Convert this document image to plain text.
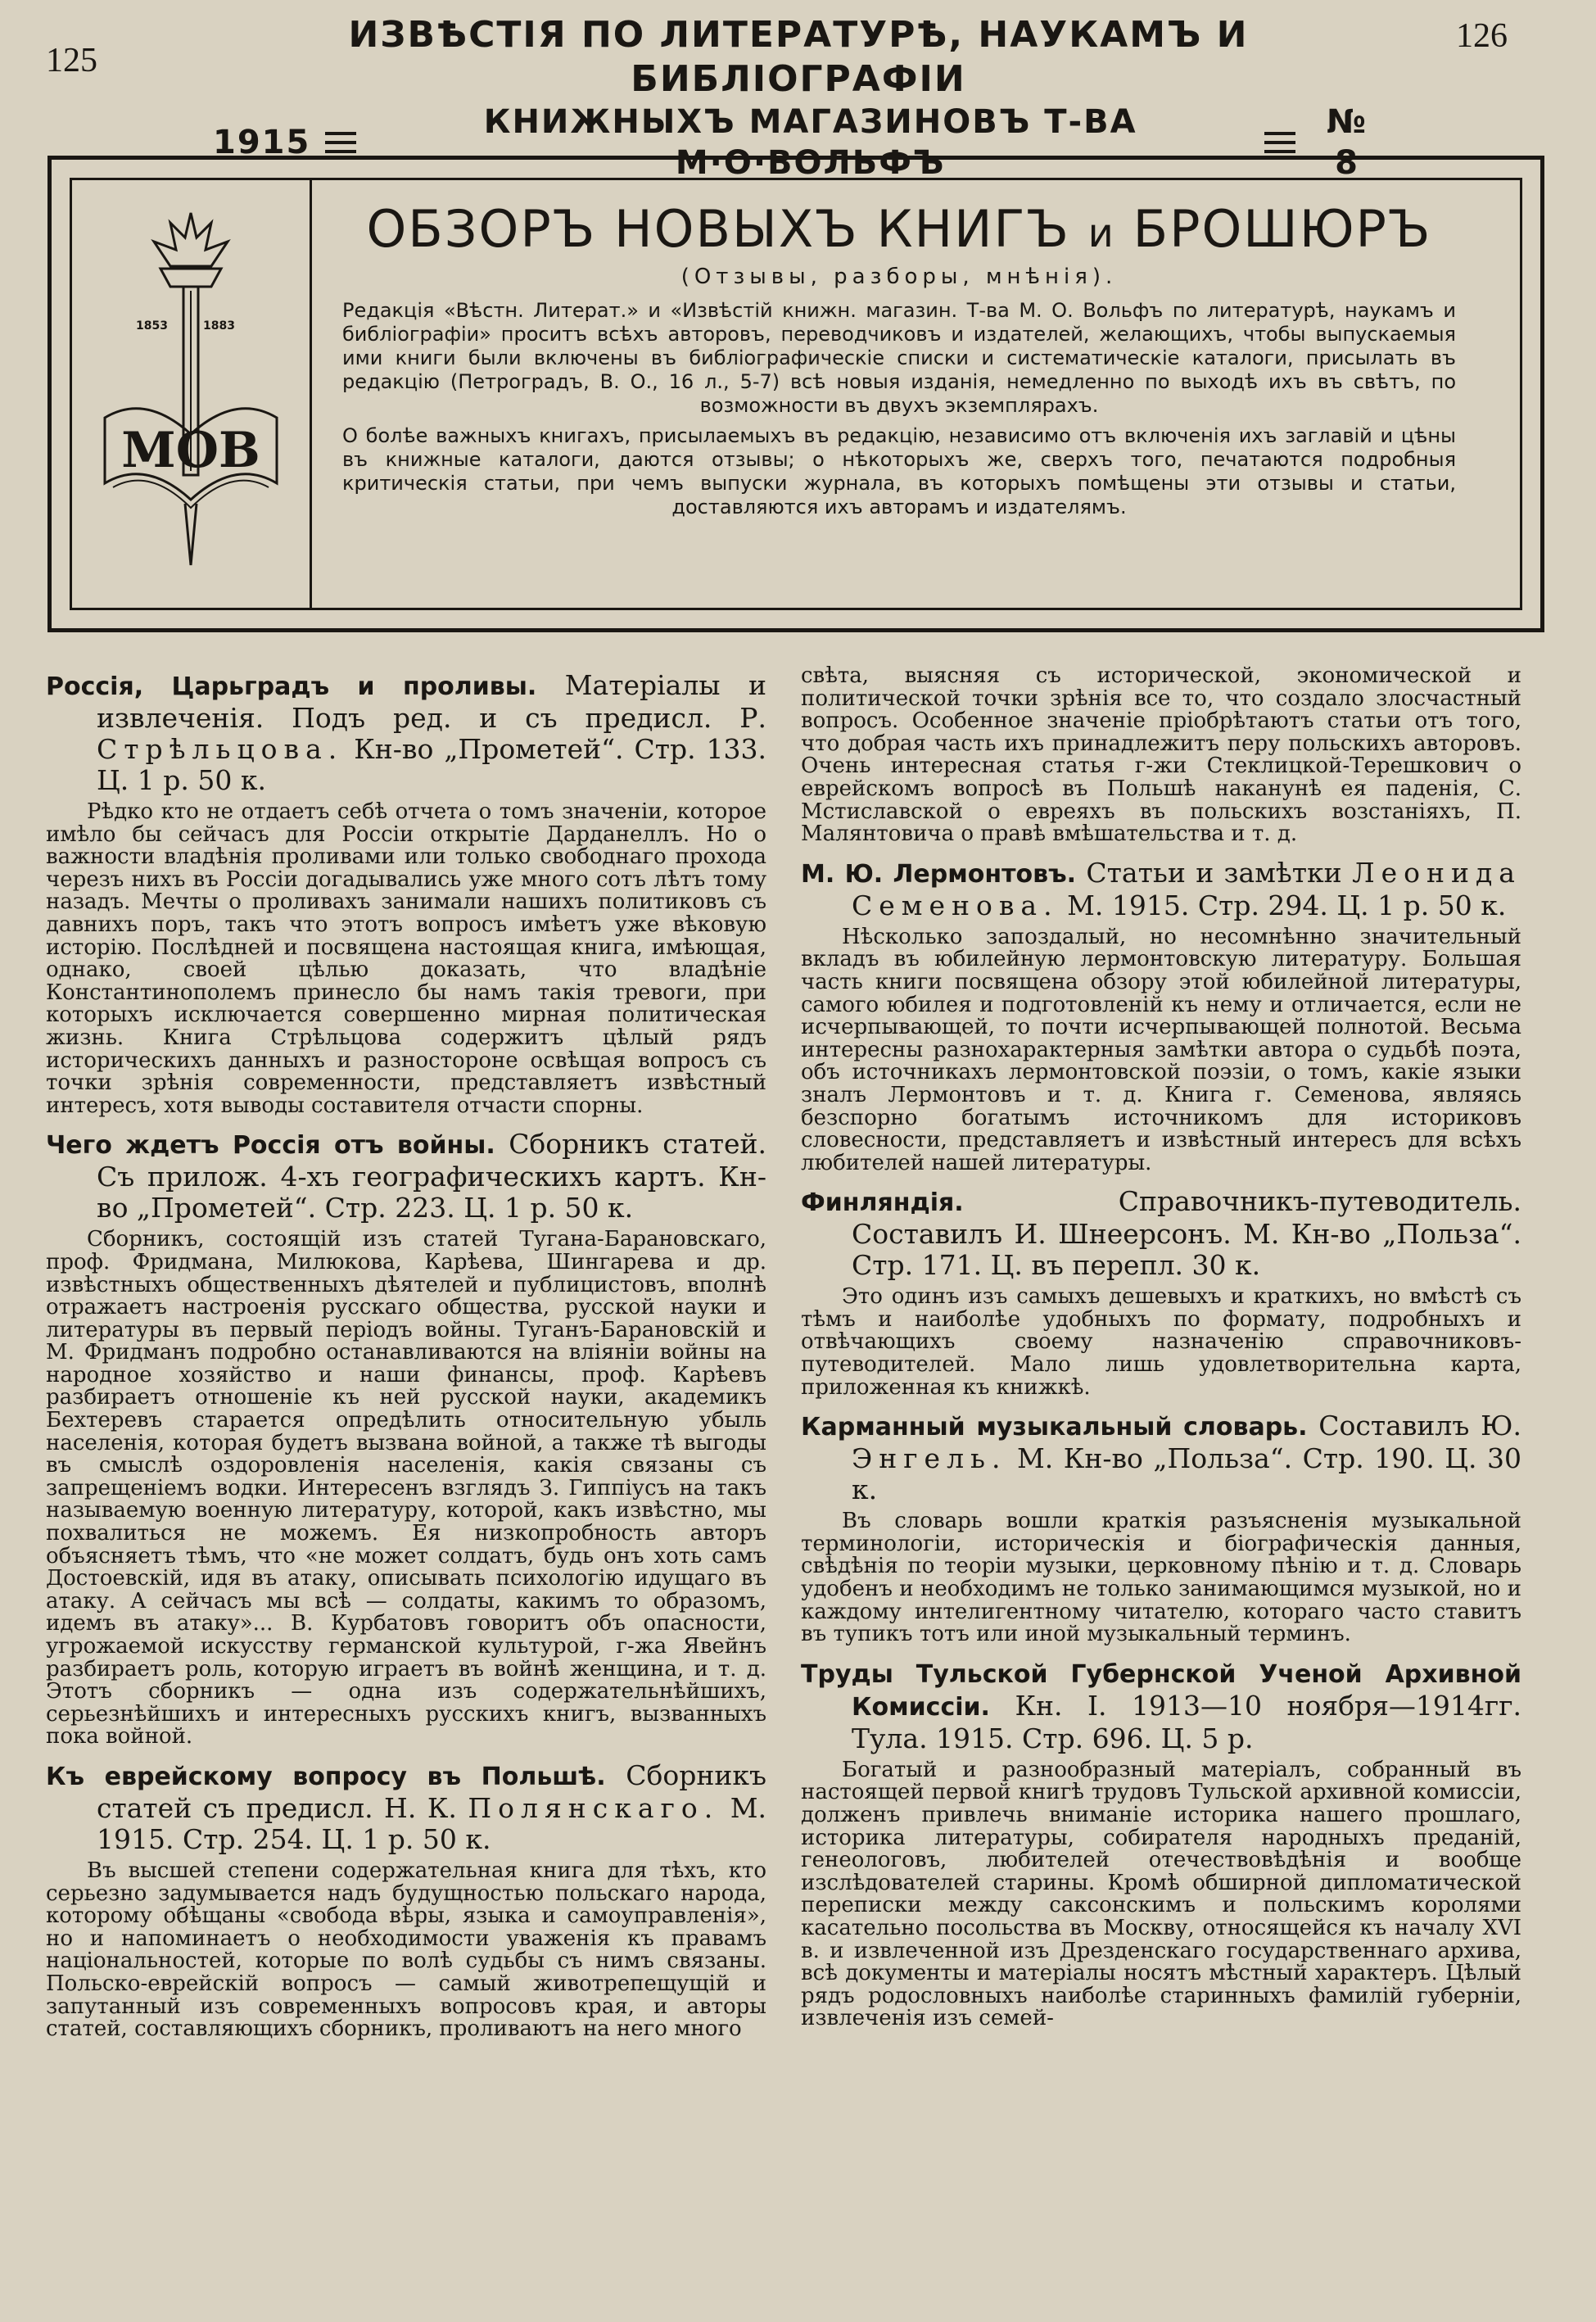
125
126
ИЗВѢСТІЯ ПО ЛИТЕРАТУРѢ, НАУКАМЪ И БИБЛІОГРАФІИ
1915
КНИЖНЫХЪ МАГАЗИНОВЪ Т-ВА М·О·ВОЛЬФЪ
№ 8
1853	1883
МОВ
ОБЗОРЪ НОВЫХЪ КНИГЪ и БРОШЮРЪ
(Отзывы, разборы, мнѣнія).

Редакція «Вѣстн. Литерат.» и «Извѣстій книжн. магазин. Т-ва М. О. Вольфъ по литературѣ, наукамъ и библіографіи» проситъ всѣхъ авторовъ, переводчиковъ и издателей, желающихъ, чтобы выпускаемыя ими книги были включены въ библіографическіе списки и систематическіе каталоги, присылать въ редакцію (Петроградъ, В. О., 16 л., 5-7) всѣ новыя изданія, немедленно по выходѣ ихъ въ свѣтъ, по возможности въ двухъ экземплярахъ.

О болѣе важныхъ книгахъ, присылаемыхъ въ редакцію, независимо отъ включенія ихъ заглавій и цѣны въ книжные каталоги, даются отзывы; о нѣкоторыхъ же, сверхъ того, печатаются подробныя критическія статьи, при чемъ выпуски журнала, въ которыхъ помѣщены эти отзывы и статьи, доставляются ихъ авторамъ и издателямъ.

Россія, Царьградъ и проливы. Матеріалы и извлеченія. Подъ ред. и съ предисл. Р. Стрѣльцова. Кн-во „Прометей“. Стр. 133. Ц. 1 р. 50 к.

Рѣдко кто не отдаетъ себѣ отчета о томъ значеніи, которое имѣло бы сейчасъ для Россіи открытіе Дарданеллъ. Но о важности владѣнія проливами или только свободнаго прохода черезъ нихъ въ Россіи догадывались уже много сотъ лѣтъ тому назадъ. Мечты о проливахъ занимали нашихъ политиковъ съ давнихъ поръ, такъ что этотъ вопросъ имѣетъ уже вѣковую исторію. Послѣдней и посвящена настоящая книга, имѣющая, однако, своей цѣлью доказать, что владѣніе Константинополемъ принесло бы намъ такія тревоги, при которыхъ исключается совершенно мирная политическая жизнь. Книга Стрѣльцова содержитъ цѣлый рядъ историческихъ данныхъ и разностороне освѣщая вопросъ съ точки зрѣнія современности, представляетъ извѣстный интересъ, хотя выводы составителя отчасти спорны.

Чего ждетъ Россія отъ войны. Сборникъ статей. Съ прилож. 4-хъ географическихъ картъ. Кн-во „Прометей“. Стр. 223. Ц. 1 р. 50 к.

Сборникъ, состоящій изъ статей Тугана-Барановскаго, проф. Фридмана, Милюкова, Карѣева, Шингарева и др. извѣстныхъ общественныхъ дѣятелей и публицистовъ, вполнѣ отражаетъ настроенія русскаго общества, русской науки и литературы въ первый періодъ войны. Туганъ-Барановскій и М. Фридманъ подробно останавливаются на вліяніи войны на народное хозяйство и наши финансы, проф. Карѣевъ разбираетъ отношеніе къ ней русской науки, академикъ Бехтеревъ старается опредѣлить относительную убыль населенія, которая будетъ вызвана войной, а также тѣ выгоды въ смыслѣ оздоровленія населенія, какія связаны съ запрещеніемъ водки. Интересенъ взглядъ З. Гиппіусъ на такъ называемую военную литературу, которой, какъ извѣстно, мы похвалиться не можемъ. Ея низкопробность авторъ объясняетъ тѣмъ, что «не может солдатъ, будь онъ хоть самъ Достоевскій, идя въ атаку, описывать психологію идущаго въ атаку. А сейчасъ мы всѣ — солдаты, какимъ то образомъ, идемъ въ атаку»... В. Курбатовъ говоритъ объ опасности, угрожаемой искусству германской культурой, г-жа Явейнъ разбираетъ роль, которую играетъ въ войнѣ женщина, и т. д. Этотъ сборникъ — одна изъ содержательнѣйшихъ, серьезнѣйшихъ и интересныхъ русскихъ книгъ, вызванныхъ пока войной.

Къ еврейскому вопросу въ Польшѣ. Сборникъ статей съ предисл. Н. К. Полянскаго. М. 1915. Стр. 254. Ц. 1 р. 50 к.

Въ высшей степени содержательная книга для тѣхъ, кто серьезно задумывается надъ будущностью польскаго народа, которому обѣщаны «свобода вѣры, языка и самоуправленія», но и напоминаетъ о необходимости уваженія къ правамъ національностей, которые по волѣ судьбы съ нимъ связаны. Польско-еврейскій вопросъ — самый животрепещущій и запутанный изъ современныхъ вопросовъ края, и авторы статей, составляющихъ сборникъ, проливаютъ на него много

свѣта, выясняя съ исторической, экономической и политической точки зрѣнія все то, что создало злосчастный вопросъ. Особенное значеніе пріобрѣтаютъ статьи отъ того, что добрая часть ихъ принадлежитъ перу польскихъ авторовъ. Очень интересная статья г-жи Стеклицкой-Терешкович о еврейскомъ вопросѣ въ Польшѣ наканунѣ ея паденія, С. Мстиславской о евреяхъ въ польскихъ возстаніяхъ, П. Малянтовича о правѣ вмѣшательства и т. д.

М. Ю. Лермонтовъ. Статьи и замѣтки Леонида Семенова. М. 1915. Стр. 294. Ц. 1 р. 50 к.

Нѣсколько запоздалый, но несомнѣнно значительный вкладъ въ юбилейную лермонтовскую литературу. Большая часть книги посвящена обзору этой юбилейной литературы, самого юбилея и подготовленій къ нему и отличается, если не исчерпывающей, то почти исчерпывающей полнотой. Весьма интересны разнохарактерныя замѣтки автора о судьбѣ поэта, объ источникахъ лермонтовской поэзіи, о томъ, какіе языки зналъ Лермонтовъ и т. д. Книга г. Семенова, являясь безспорно богатымъ источникомъ для историковъ словесности, представляетъ и извѣстный интересъ для всѣхъ любителей нашей литературы.

Финляндія.	Справочникъ-путеводитель. Составилъ И. Шнеерсонъ. М. Кн-во „Польза“. Стр. 171. Ц. въ перепл. 30 к.

Это одинъ изъ самыхъ дешевыхъ и краткихъ, но вмѣстѣ съ тѣмъ и наиболѣе удобныхъ по формату, подробныхъ и отвѣчающихъ своему назначенію справочниковъ-путеводителей. Мало лишь удовлетворительна карта, приложенная къ книжкѣ.

Карманный музыкальный словарь. Составилъ Ю. Энгель. М. Кн-во „Польза“. Стр. 190. Ц. 30 к.

Въ словарь вошли краткія разъясненія музыкальной терминологіи, историческія и біографическія данныя, свѣдѣнія по теоріи музыки, церковному пѣнію и т. д. Словарь удобенъ и необходимъ не только занимающимся музыкой, но и каждому интелигентному читателю, котораго часто ставитъ въ тупикъ тотъ или иной музыкальный терминъ.

Труды Тульской Губернской Ученой Архивной Комиссіи. Кн. I. 1913—10 ноября—1914гг. Тула. 1915. Стр. 696. Ц. 5 р.

Богатый и разнообразный матеріалъ, собранный въ настоящей первой книгѣ трудовъ Тульской архивной комиссіи, долженъ привлечь вниманіе историка нашего прошлаго, историка литературы, собирателя народныхъ преданій, генеологовъ, любителей отечествовѣдѣнія и вообще изслѣдователей старины. Кромѣ обширной дипломатической переписки между саксонскимъ и польскимъ королями касательно посольства въ Москву, относящейся къ началу XVI в. и извлеченной изъ Дрезденскаго государственнаго архива, всѣ документы и матеріалы носятъ мѣстный характеръ. Цѣлый рядъ родословныхъ наиболѣе старинныхъ фамилій губерніи, извлеченія изъ семей-
